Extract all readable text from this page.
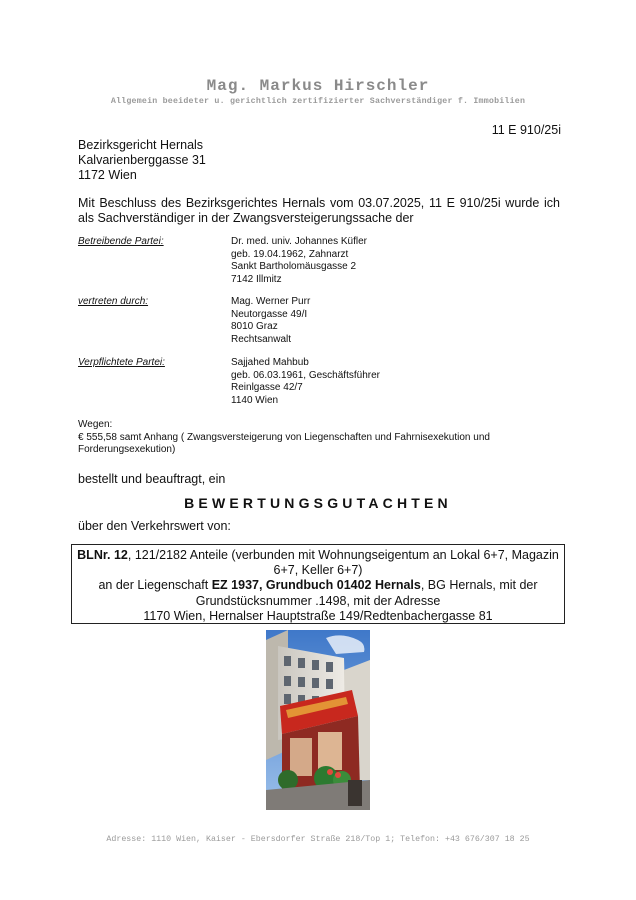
Mag. Markus Hirschler
Allgemein beeideter u. gerichtlich zertifizierter Sachverständiger f. Immobilien
11 E 910/25i
Bezirksgericht Hernals
Kalvarienberggasse 31
1172 Wien
Mit Beschluss des Bezirksgerichtes Hernals vom 03.07.2025, 11 E 910/25i wurde ich als Sachverständiger in der Zwangsversteigerungssache der
Betreibende Partei:	Dr. med. univ. Johannes Küfler
geb. 19.04.1962, Zahnarzt
Sankt Bartholomäusgasse 2
7142 Illmitz
vertreten durch:	Mag. Werner Purr
Neutorgasse 49/I
8010 Graz
Rechtsanwalt
Verpflichtete Partei:	Sajjahed Mahbub
geb. 06.03.1961, Geschäftsführer
Reinlgasse 42/7
1140 Wien
Wegen:
€ 555,58 samt Anhang ( Zwangsversteigerung von Liegenschaften und Fahrnisexekution und Forderungsexekution)
bestellt und beauftragt, ein
BEWERTUNGSGUTACHTEN
über den Verkehrswert von:
BLNr. 12, 121/2182 Anteile (verbunden mit Wohnungseigentum an Lokal 6+7, Magazin 6+7, Keller 6+7)
an der Liegenschaft EZ 1937, Grundbuch 01402 Hernals, BG Hernals, mit der Grundstücksnummer .1498, mit der Adresse
1170 Wien, Hernalser Hauptstraße 149/Redtenbachergasse 81
Adresse: 1110 Wien, Kaiser - Ebersdorfer Straße 218/Top 1; Telefon: +43 676/307 18 25
